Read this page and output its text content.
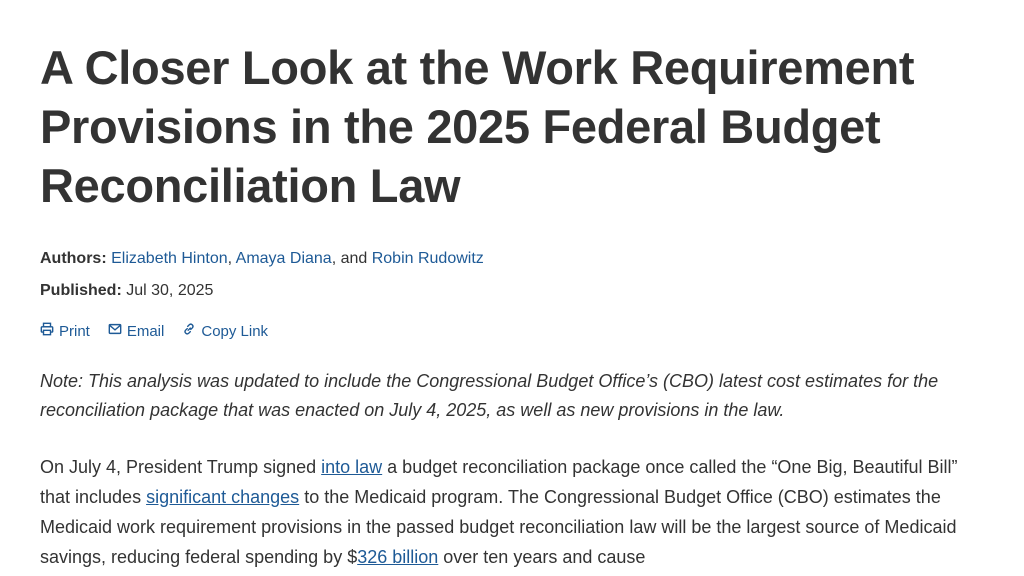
A Closer Look at the Work Requirement Provisions in the 2025 Federal Budget Reconciliation Law
Authors: Elizabeth Hinton, Amaya Diana, and Robin Rudowitz
Published: Jul 30, 2025
Print Email Copy Link

Note: This analysis was updated to include the Congressional Budget Office’s (CBO) latest cost estimates for the reconciliation package that was enacted on July 4, 2025, as well as new provisions in the law.

On July 4, President Trump signed into law a budget reconciliation package once called the “One Big, Beautiful Bill” that includes significant changes to the Medicaid program. The Congressional Budget Office (CBO) estimates the Medicaid work requirement provisions in the passed budget reconciliation law will be the largest source of Medicaid savings, reducing federal spending by $326 billion over ten years and cause
